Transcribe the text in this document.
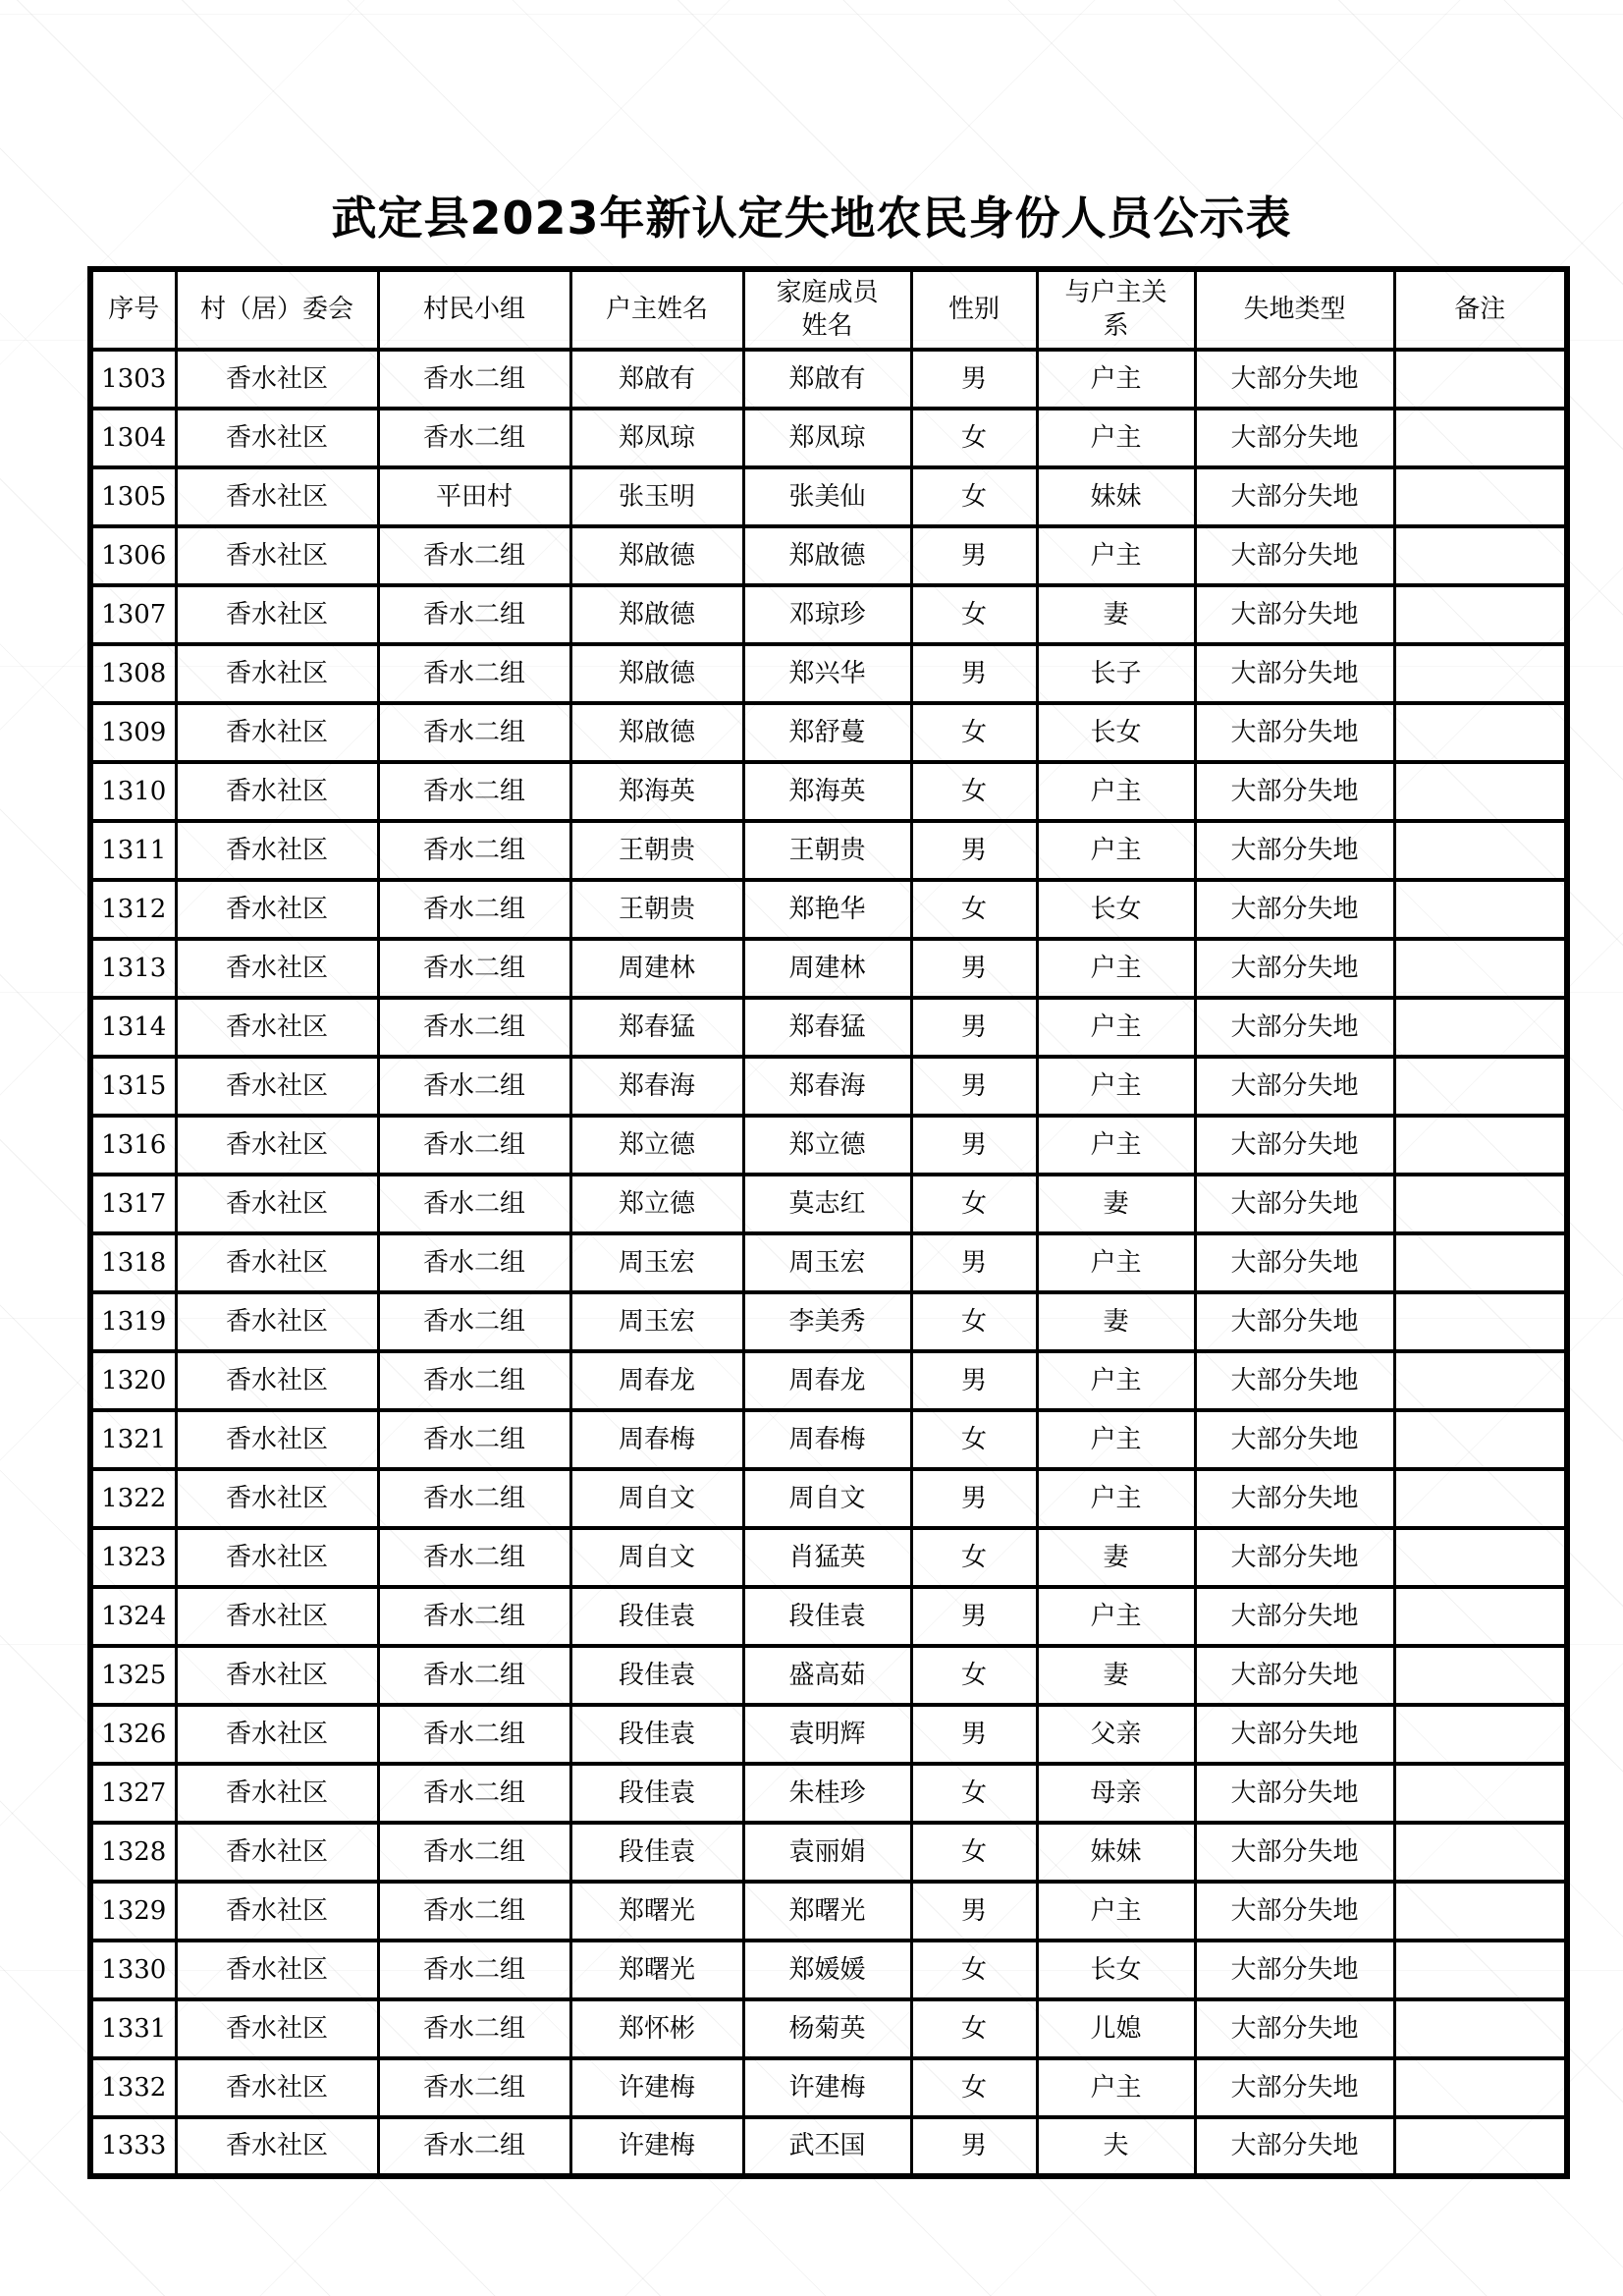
武定县2023年新认定失地农民身份人员公示表
序号	村（居）委会	村民小组	户主姓名	家庭成员姓名	性别	与户主关系	失地类型	备注
1303	香水社区	香水二组	郑啟有	郑啟有	男	户主	大部分失地	
1304	香水社区	香水二组	郑凤琼	郑凤琼	女	户主	大部分失地	
1305	香水社区	平田村	张玉明	张美仙	女	妹妹	大部分失地	
1306	香水社区	香水二组	郑啟德	郑啟德	男	户主	大部分失地	
1307	香水社区	香水二组	郑啟德	邓琼珍	女	妻	大部分失地	
1308	香水社区	香水二组	郑啟德	郑兴华	男	长子	大部分失地	
1309	香水社区	香水二组	郑啟德	郑舒蔓	女	长女	大部分失地	
1310	香水社区	香水二组	郑海英	郑海英	女	户主	大部分失地	
1311	香水社区	香水二组	王朝贵	王朝贵	男	户主	大部分失地	
1312	香水社区	香水二组	王朝贵	郑艳华	女	长女	大部分失地	
1313	香水社区	香水二组	周建林	周建林	男	户主	大部分失地	
1314	香水社区	香水二组	郑春猛	郑春猛	男	户主	大部分失地	
1315	香水社区	香水二组	郑春海	郑春海	男	户主	大部分失地	
1316	香水社区	香水二组	郑立德	郑立德	男	户主	大部分失地	
1317	香水社区	香水二组	郑立德	莫志红	女	妻	大部分失地	
1318	香水社区	香水二组	周玉宏	周玉宏	男	户主	大部分失地	
1319	香水社区	香水二组	周玉宏	李美秀	女	妻	大部分失地	
1320	香水社区	香水二组	周春龙	周春龙	男	户主	大部分失地	
1321	香水社区	香水二组	周春梅	周春梅	女	户主	大部分失地	
1322	香水社区	香水二组	周自文	周自文	男	户主	大部分失地	
1323	香水社区	香水二组	周自文	肖猛英	女	妻	大部分失地	
1324	香水社区	香水二组	段佳袁	段佳袁	男	户主	大部分失地	
1325	香水社区	香水二组	段佳袁	盛高茹	女	妻	大部分失地	
1326	香水社区	香水二组	段佳袁	袁明辉	男	父亲	大部分失地	
1327	香水社区	香水二组	段佳袁	朱桂珍	女	母亲	大部分失地	
1328	香水社区	香水二组	段佳袁	袁丽娟	女	妹妹	大部分失地	
1329	香水社区	香水二组	郑曙光	郑曙光	男	户主	大部分失地	
1330	香水社区	香水二组	郑曙光	郑媛媛	女	长女	大部分失地	
1331	香水社区	香水二组	郑怀彬	杨菊英	女	儿媳	大部分失地	
1332	香水社区	香水二组	许建梅	许建梅	女	户主	大部分失地	
1333	香水社区	香水二组	许建梅	武丕国	男	夫	大部分失地	
